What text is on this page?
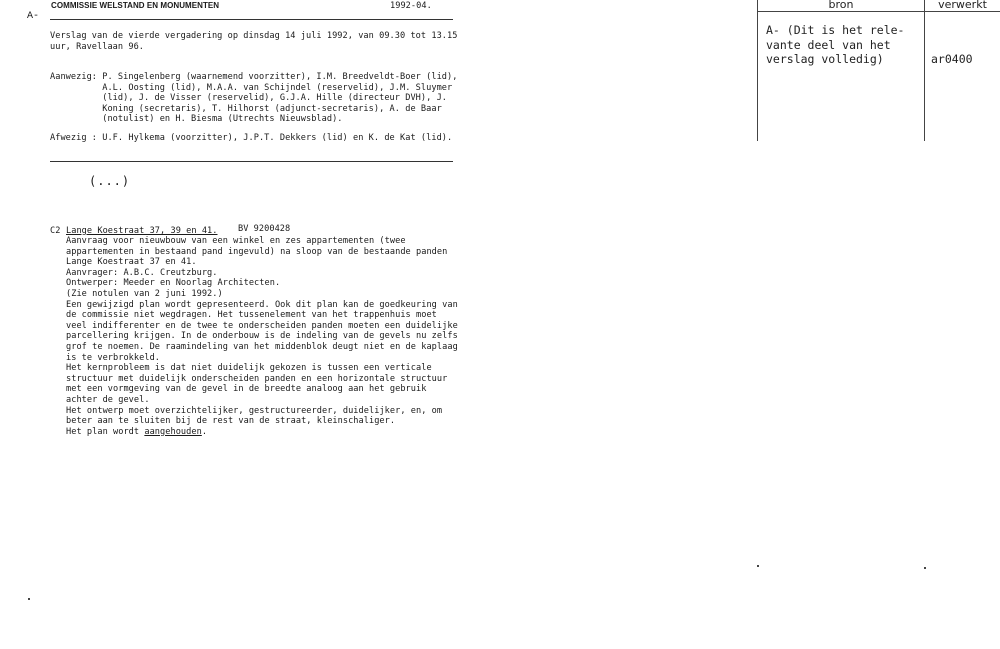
A-
COMMISSIE WELSTAND EN MONUMENTEN	1992-04.
Verslag van de vierde vergadering op dinsdag 14 juli 1992, van 09.30 tot 13.15
uur, Ravellaan 96.
Aanwezig: P. Singelenberg (waarnemend voorzitter), I.M. Breedveldt-Boer (lid),
A.L. Oosting (lid), M.A.A. van Schijndel (reservelid), J.M. Sluymer
(lid), J. de Visser (reservelid), G.J.A. Hille (directeur DVH), J.
Koning (secretaris), T. Hilhorst (adjunct-secretaris), A. de Baar
(notulist) en H. Biesma (Utrechts Nieuwsblad).
Afwezig : U.F. Hylkema (voorzitter), J.P.T. Dekkers (lid) en K. de Kat (lid).
(...)
C2 Lange Koestraat 37, 39 en 41. BV 9200428
Aanvraag voor nieuwbouw van een winkel en zes appartementen (twee
appartementen in bestaand pand ingevuld) na sloop van de bestaande panden
Lange Koestraat 37 en 41.
Aanvrager: A.B.C. Creutzburg.
Ontwerper: Meeder en Noorlag Architecten.
(Zie notulen van 2 juni 1992.)
Een gewijzigd plan wordt gepresenteerd. Ook dit plan kan de goedkeuring van
de commissie niet wegdragen. Het tussenelement van het trappenhuis moet
veel indifferenter en de twee te onderscheiden panden moeten een duidelijke
parcellering krijgen. In de onderbouw is de indeling van de gevels nu zelfs
grof te noemen. De raamindeling van het middenblok deugt niet en de kaplaag
is te verbrokkeld.
Het kernprobleem is dat niet duidelijk gekozen is tussen een verticale
structuur met duidelijk onderscheiden panden en een horizontale structuur
met een vormgeving van de gevel in de breedte analoog aan het gebruik
achter de gevel.
Het ontwerp moet overzichtelijker, gestructureerder, duidelijker, en, om
beter aan te sluiten bij de rest van de straat, kleinschaliger.
Het plan wordt aangehouden.
bron	verwerkt
A- (Dit is het rele-
vante deel van het
verslag volledig)	ar0400
